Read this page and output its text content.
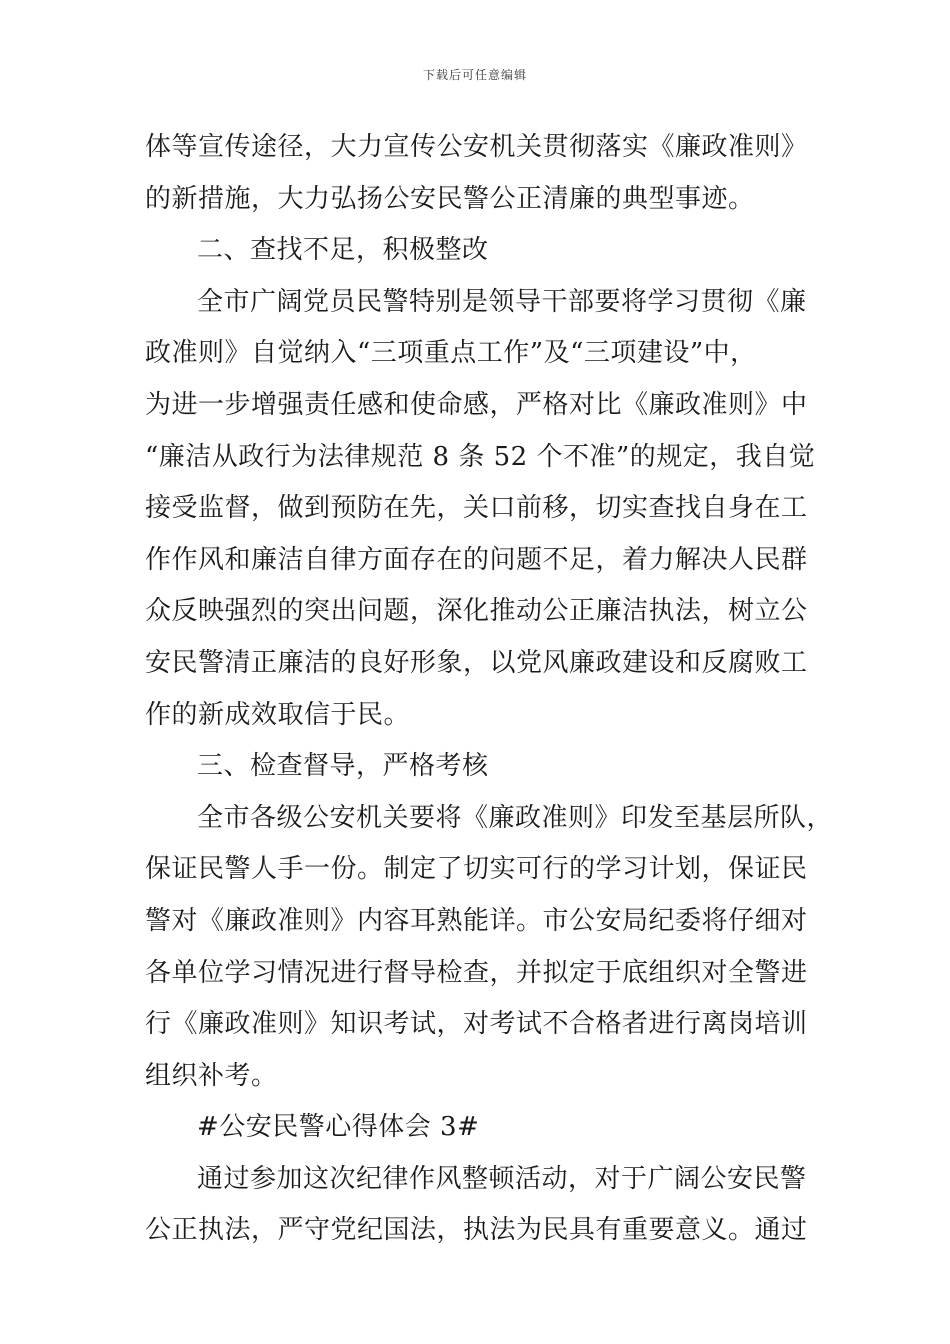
下载后可任意编辑
体等宣传途径，大力宣传公安机关贯彻落实《廉政准则》
的新措施，大力弘扬公安民警公正清廉的典型事迹。
二、查找不足，积极整改
全市广阔党员民警特别是领导干部要将学习贯彻《廉
政准则》自觉纳入“三项重点工作”及“三项建设”中，
为进一步增强责任感和使命感，严格对比《廉政准则》中
“廉洁从政行为法律规范 8 条 52 个不准”的规定，我自觉
接受监督，做到预防在先，关口前移，切实查找自身在工
作作风和廉洁自律方面存在的问题不足，着力解决人民群
众反映强烈的突出问题，深化推动公正廉洁执法，树立公
安民警清正廉洁的良好形象，以党风廉政建设和反腐败工
作的新成效取信于民。
三、检查督导，严格考核
全市各级公安机关要将《廉政准则》印发至基层所队，
保证民警人手一份。制定了切实可行的学习计划，保证民
警对《廉政准则》内容耳熟能详。市公安局纪委将仔细对
各单位学习情况进行督导检查，并拟定于底组织对全警进
行《廉政准则》知识考试，对考试不合格者进行离岗培训
组织补考。
#公安民警心得体会 3#
通过参加这次纪律作风整顿活动，对于广阔公安民警
公正执法，严守党纪国法，执法为民具有重要意义。通过
